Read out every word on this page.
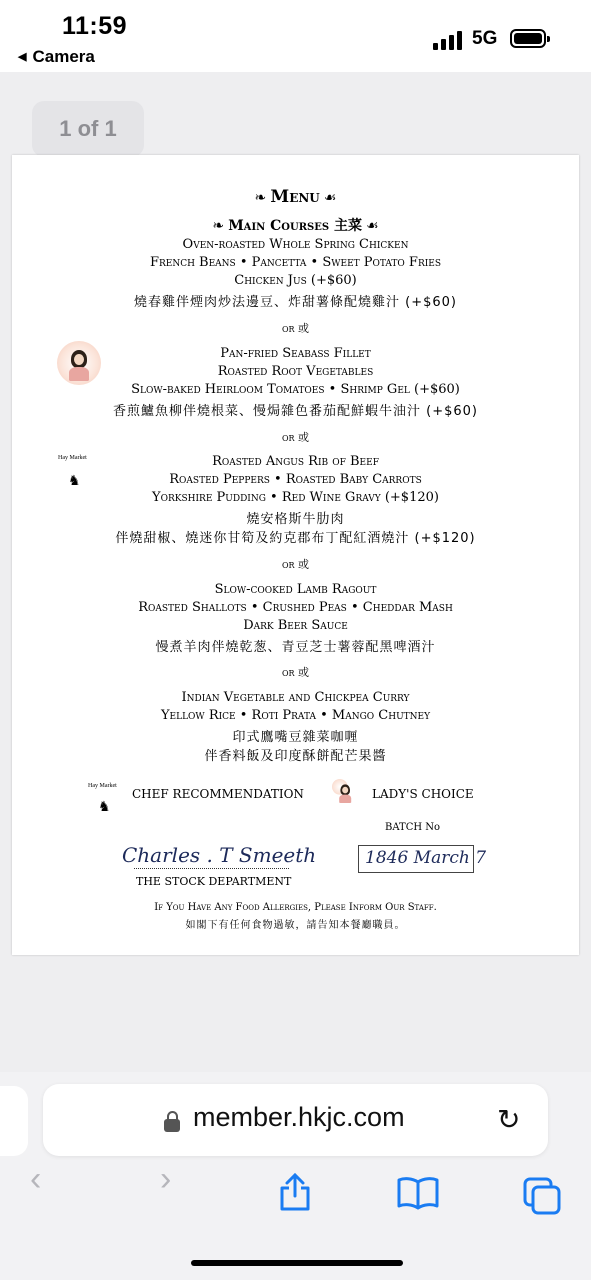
11:59
◀ Camera
5G
1 of 1
❧ Menu ☙
❧ Main Courses 主菜 ☙
Oven-roasted Whole Spring Chicken
French Beans • Pancetta • Sweet Potato Fries
Chicken Jus (+$60)
燒春雞伴煙肉炒法邊豆、炸甜薯條配燒雞汁 (+$60)
or 或
Pan-fried Seabass Fillet
Roasted Root Vegetables
Slow-baked Heirloom Tomatoes • Shrimp Gel (+$60)
香煎鱸魚柳伴燒根菜、慢焗雜色番茄配鮮蝦牛油汁 (+$60)
or 或
Hay Market
♞
Roasted Angus Rib of Beef
Roasted Peppers • Roasted Baby Carrots
Yorkshire Pudding • Red Wine Gravy (+$120)
燒安格斯牛肋肉
伴燒甜椒、燒迷你甘筍及約克郡布丁配紅酒燒汁 (+$120)
or 或
Slow-cooked Lamb Ragout
Roasted Shallots • Crushed Peas • Cheddar Mash
Dark Beer Sauce
慢煮羊肉伴燒乾葱、青豆芝士薯蓉配黑啤酒汁
or 或
Indian Vegetable and Chickpea Curry
Yellow Rice • Roti Prata • Mango Chutney
印式鷹嘴豆雜菜咖喱
伴香料飯及印度酥餅配芒果醬
Hay Market
♞
CHEF RECOMMENDATION	LADY'S CHOICE
BATCH No
Charles . T Smeeth
THE STOCK DEPARTMENT
1846 March 7
If You Have Any Food Allergies, Please Inform Our Staff.
如閣下有任何食物過敏，請告知本餐廳職員。
member.hkjc.com	↻
‹	›
